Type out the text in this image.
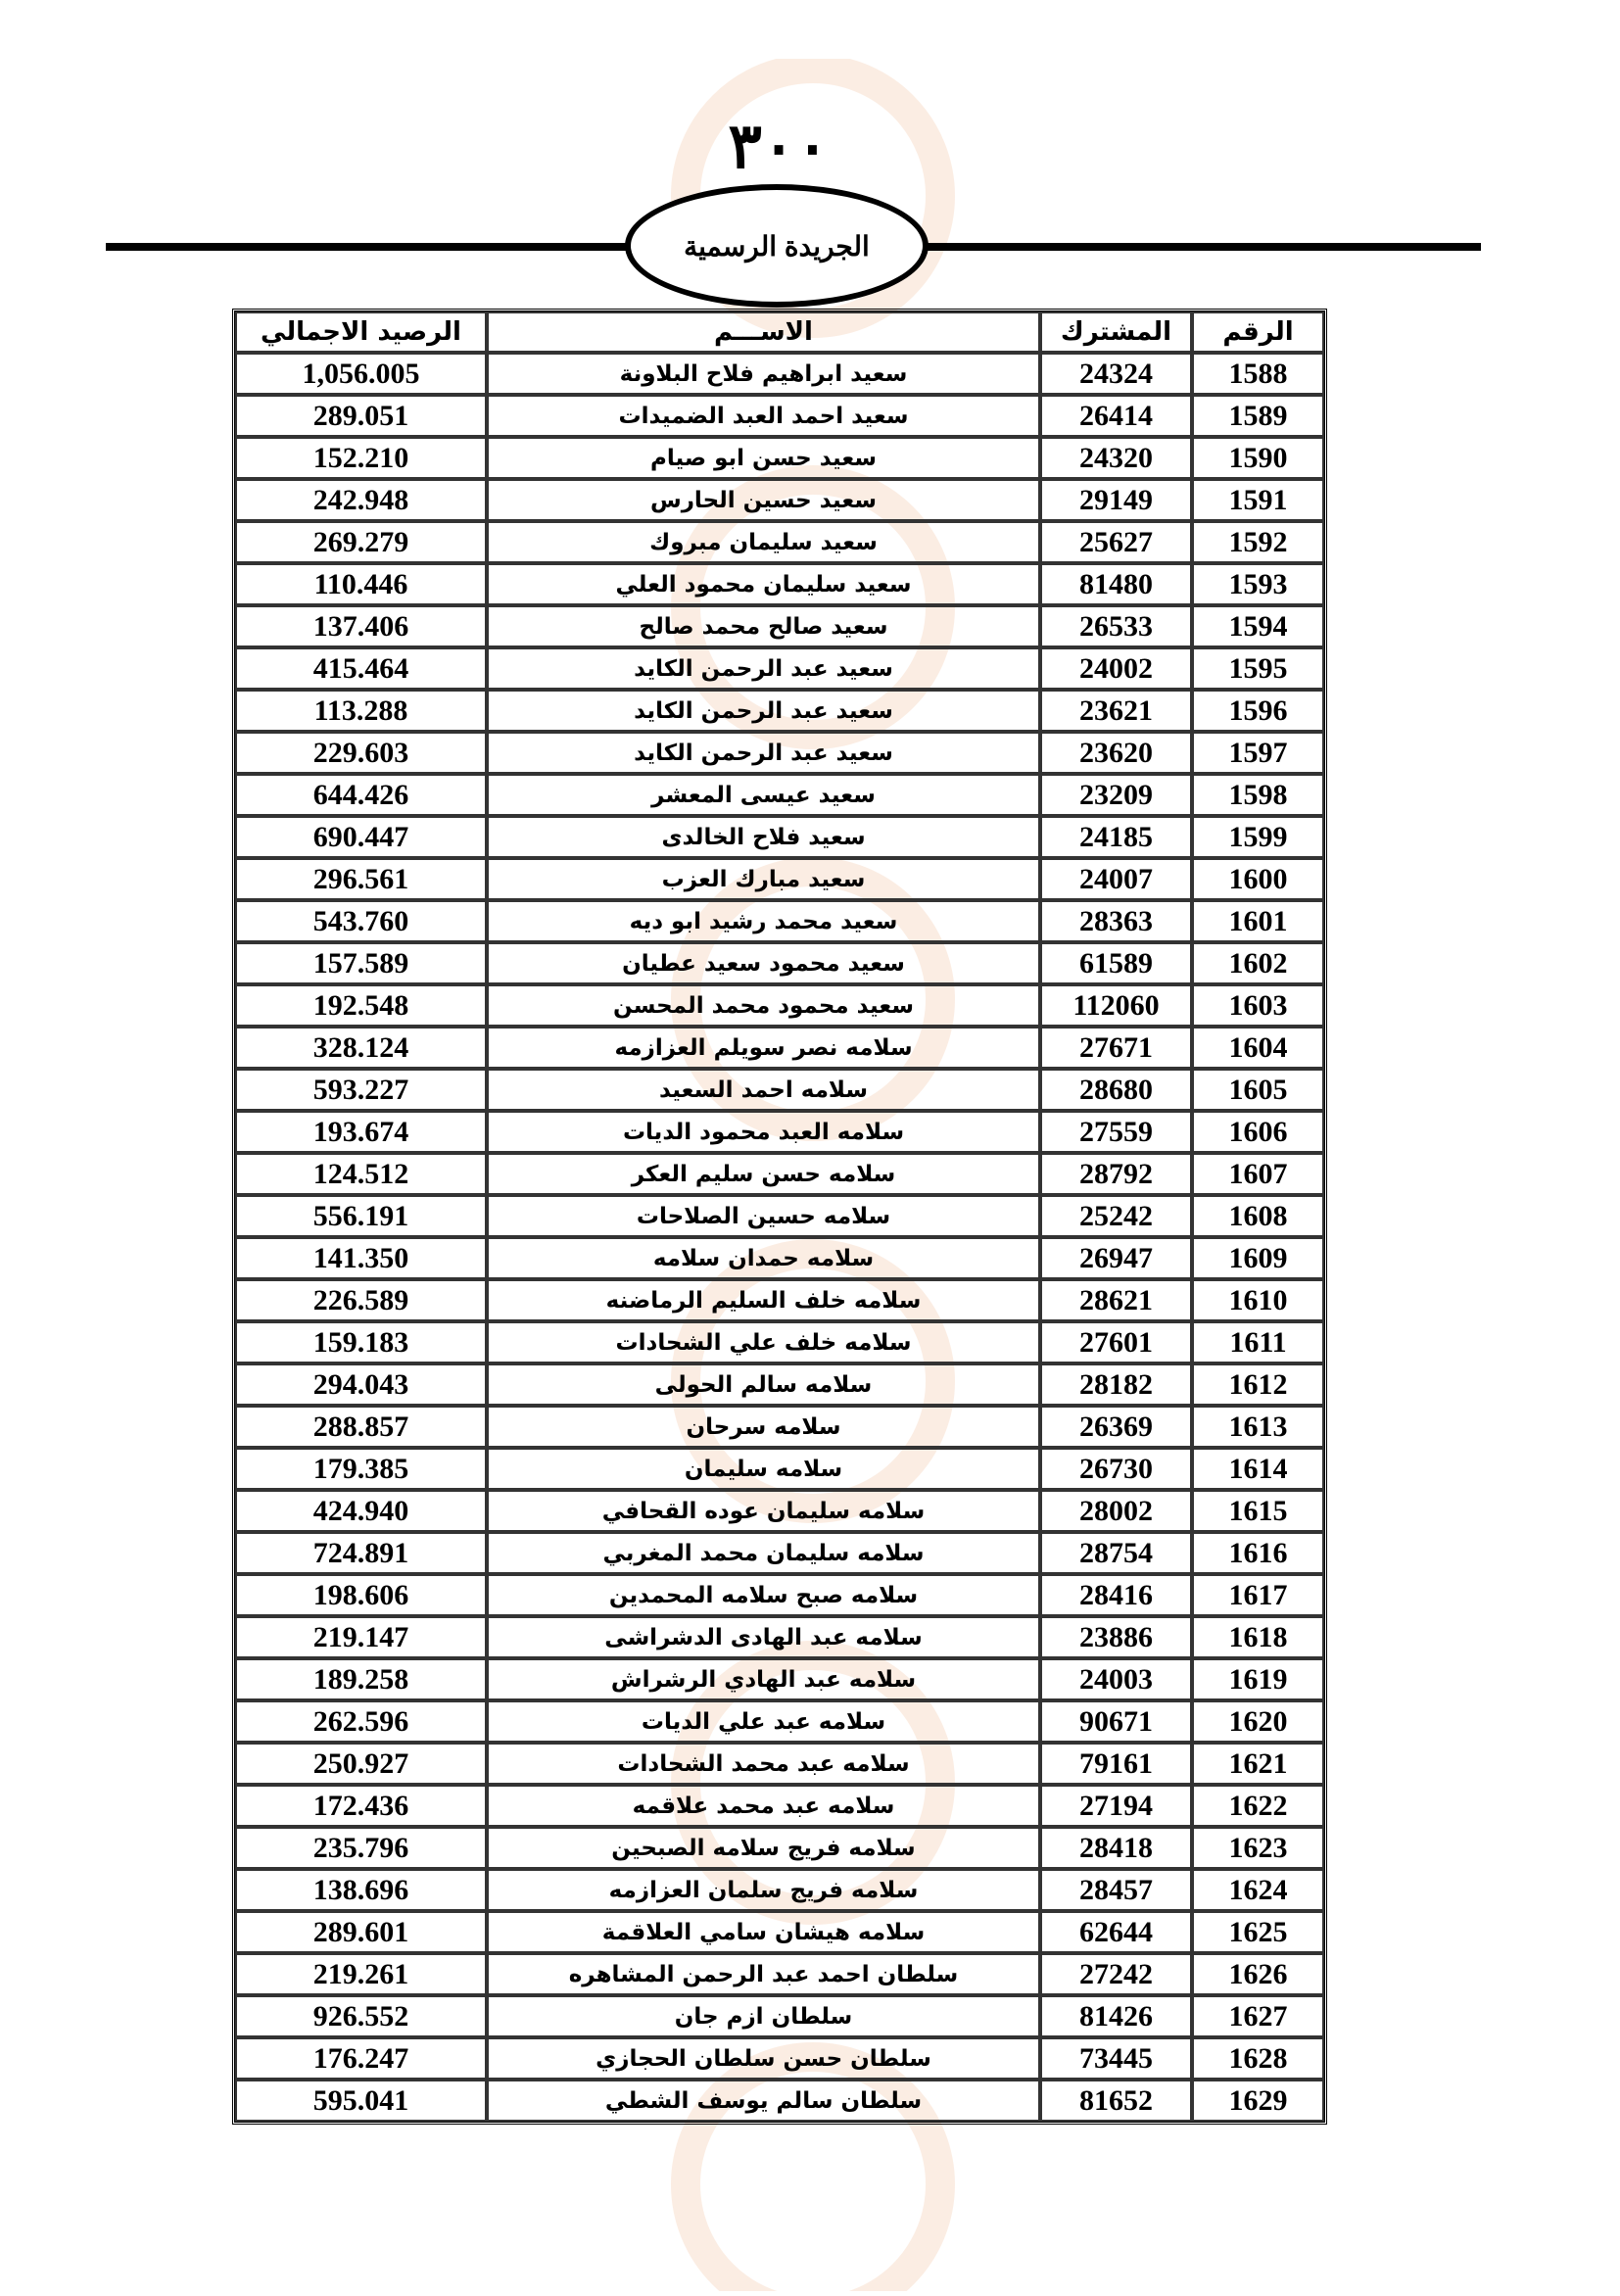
٣٠٠
الجريدة الرسمية
الرقم	المشترك	الاســـم	الرصيد الاجمالي
1588	24324	سعيد ابراهيم فلاح البلاونة	1,056.005
1589	26414	سعيد احمد العبد الضميدات	289.051
1590	24320	سعيد حسن ابو صيام	152.210
1591	29149	سعيد حسين الحارس	242.948
1592	25627	سعيد سليمان مبروك	269.279
1593	81480	سعيد سليمان محمود العلي	110.446
1594	26533	سعيد صالح محمد صالح	137.406
1595	24002	سعيد عبد الرحمن الكايد	415.464
1596	23621	سعيد عبد الرحمن الكايد	113.288
1597	23620	سعيد عبد الرحمن الكايد	229.603
1598	23209	سعيد عيسى المعشر	644.426
1599	24185	سعيد فلاح الخالدى	690.447
1600	24007	سعيد مبارك العزب	296.561
1601	28363	سعيد محمد رشيد ابو ديه	543.760
1602	61589	سعيد محمود سعيد عطيان	157.589
1603	112060	سعيد محمود محمد المحسن	192.548
1604	27671	سلامه نصر سويلم العزازمه	328.124
1605	28680	سلامه احمد السعيد	593.227
1606	27559	سلامه العبد محمود الديات	193.674
1607	28792	سلامه حسن سليم العكر	124.512
1608	25242	سلامه حسين الصلاحات	556.191
1609	26947	سلامه حمدان سلامه	141.350
1610	28621	سلامه خلف السليم الرماضنه	226.589
1611	27601	سلامه خلف علي الشحادات	159.183
1612	28182	سلامه سالم الحولى	294.043
1613	26369	سلامه سرحان	288.857
1614	26730	سلامه سليمان	179.385
1615	28002	سلامه سليمان عوده القحافي	424.940
1616	28754	سلامه سليمان محمد المغربي	724.891
1617	28416	سلامه صبح سلامه المحمدين	198.606
1618	23886	سلامه عبد الهادى الدشراشى	219.147
1619	24003	سلامه عبد الهادي الرشراش	189.258
1620	90671	سلامه عبد علي الديات	262.596
1621	79161	سلامه عبد محمد الشحادات	250.927
1622	27194	سلامه عبد محمد علاقمه	172.436
1623	28418	سلامه فريج سلامه الصبحين	235.796
1624	28457	سلامه فريج سلمان العزازمه	138.696
1625	62644	سلامه هيشان سامي العلاقمة	289.601
1626	27242	سلطان احمد عبد الرحمن المشاهره	219.261
1627	81426	سلطان ازم جان	926.552
1628	73445	سلطان حسن سلطان الحجازي	176.247
1629	81652	سلطان سالم يوسف الشطي	595.041
